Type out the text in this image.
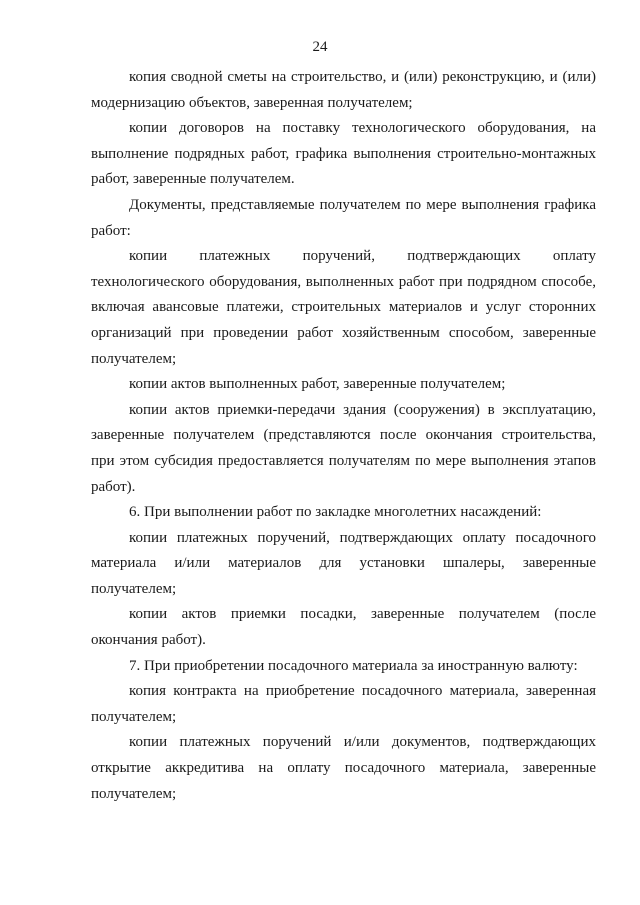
24

копия сводной сметы на строительство, и (или) реконструкцию, и (или) модернизацию объектов, заверенная получателем;

копии договоров на поставку технологического оборудования, на выполнение подрядных работ, графика выполнения строительно-монтажных работ, заверенные получателем.

Документы, представляемые получателем по мере выполнения графика работ:

копии платежных поручений, подтверждающих оплату технологического оборудования, выполненных работ при подрядном способе, включая авансовые платежи, строительных материалов и услуг сторонних организаций при проведении работ хозяйственным способом, заверенные получателем;

копии актов выполненных работ, заверенные получателем;

копии актов приемки-передачи здания (сооружения) в эксплуатацию, заверенные получателем (представляются после окончания строительства, при этом субсидия предоставляется получателям по мере выполнения этапов работ).

6. При выполнении работ по закладке многолетних насаждений:

копии платежных поручений, подтверждающих оплату посадочного материала и/или материалов для установки шпалеры, заверенные получателем;

копии актов приемки посадки, заверенные получателем (после окончания работ).

7. При приобретении посадочного материала за иностранную валюту:

копия контракта на приобретение посадочного материала, заверенная получателем;

копии платежных поручений и/или документов, подтверждающих открытие аккредитива на оплату посадочного материала, заверенные получателем;
